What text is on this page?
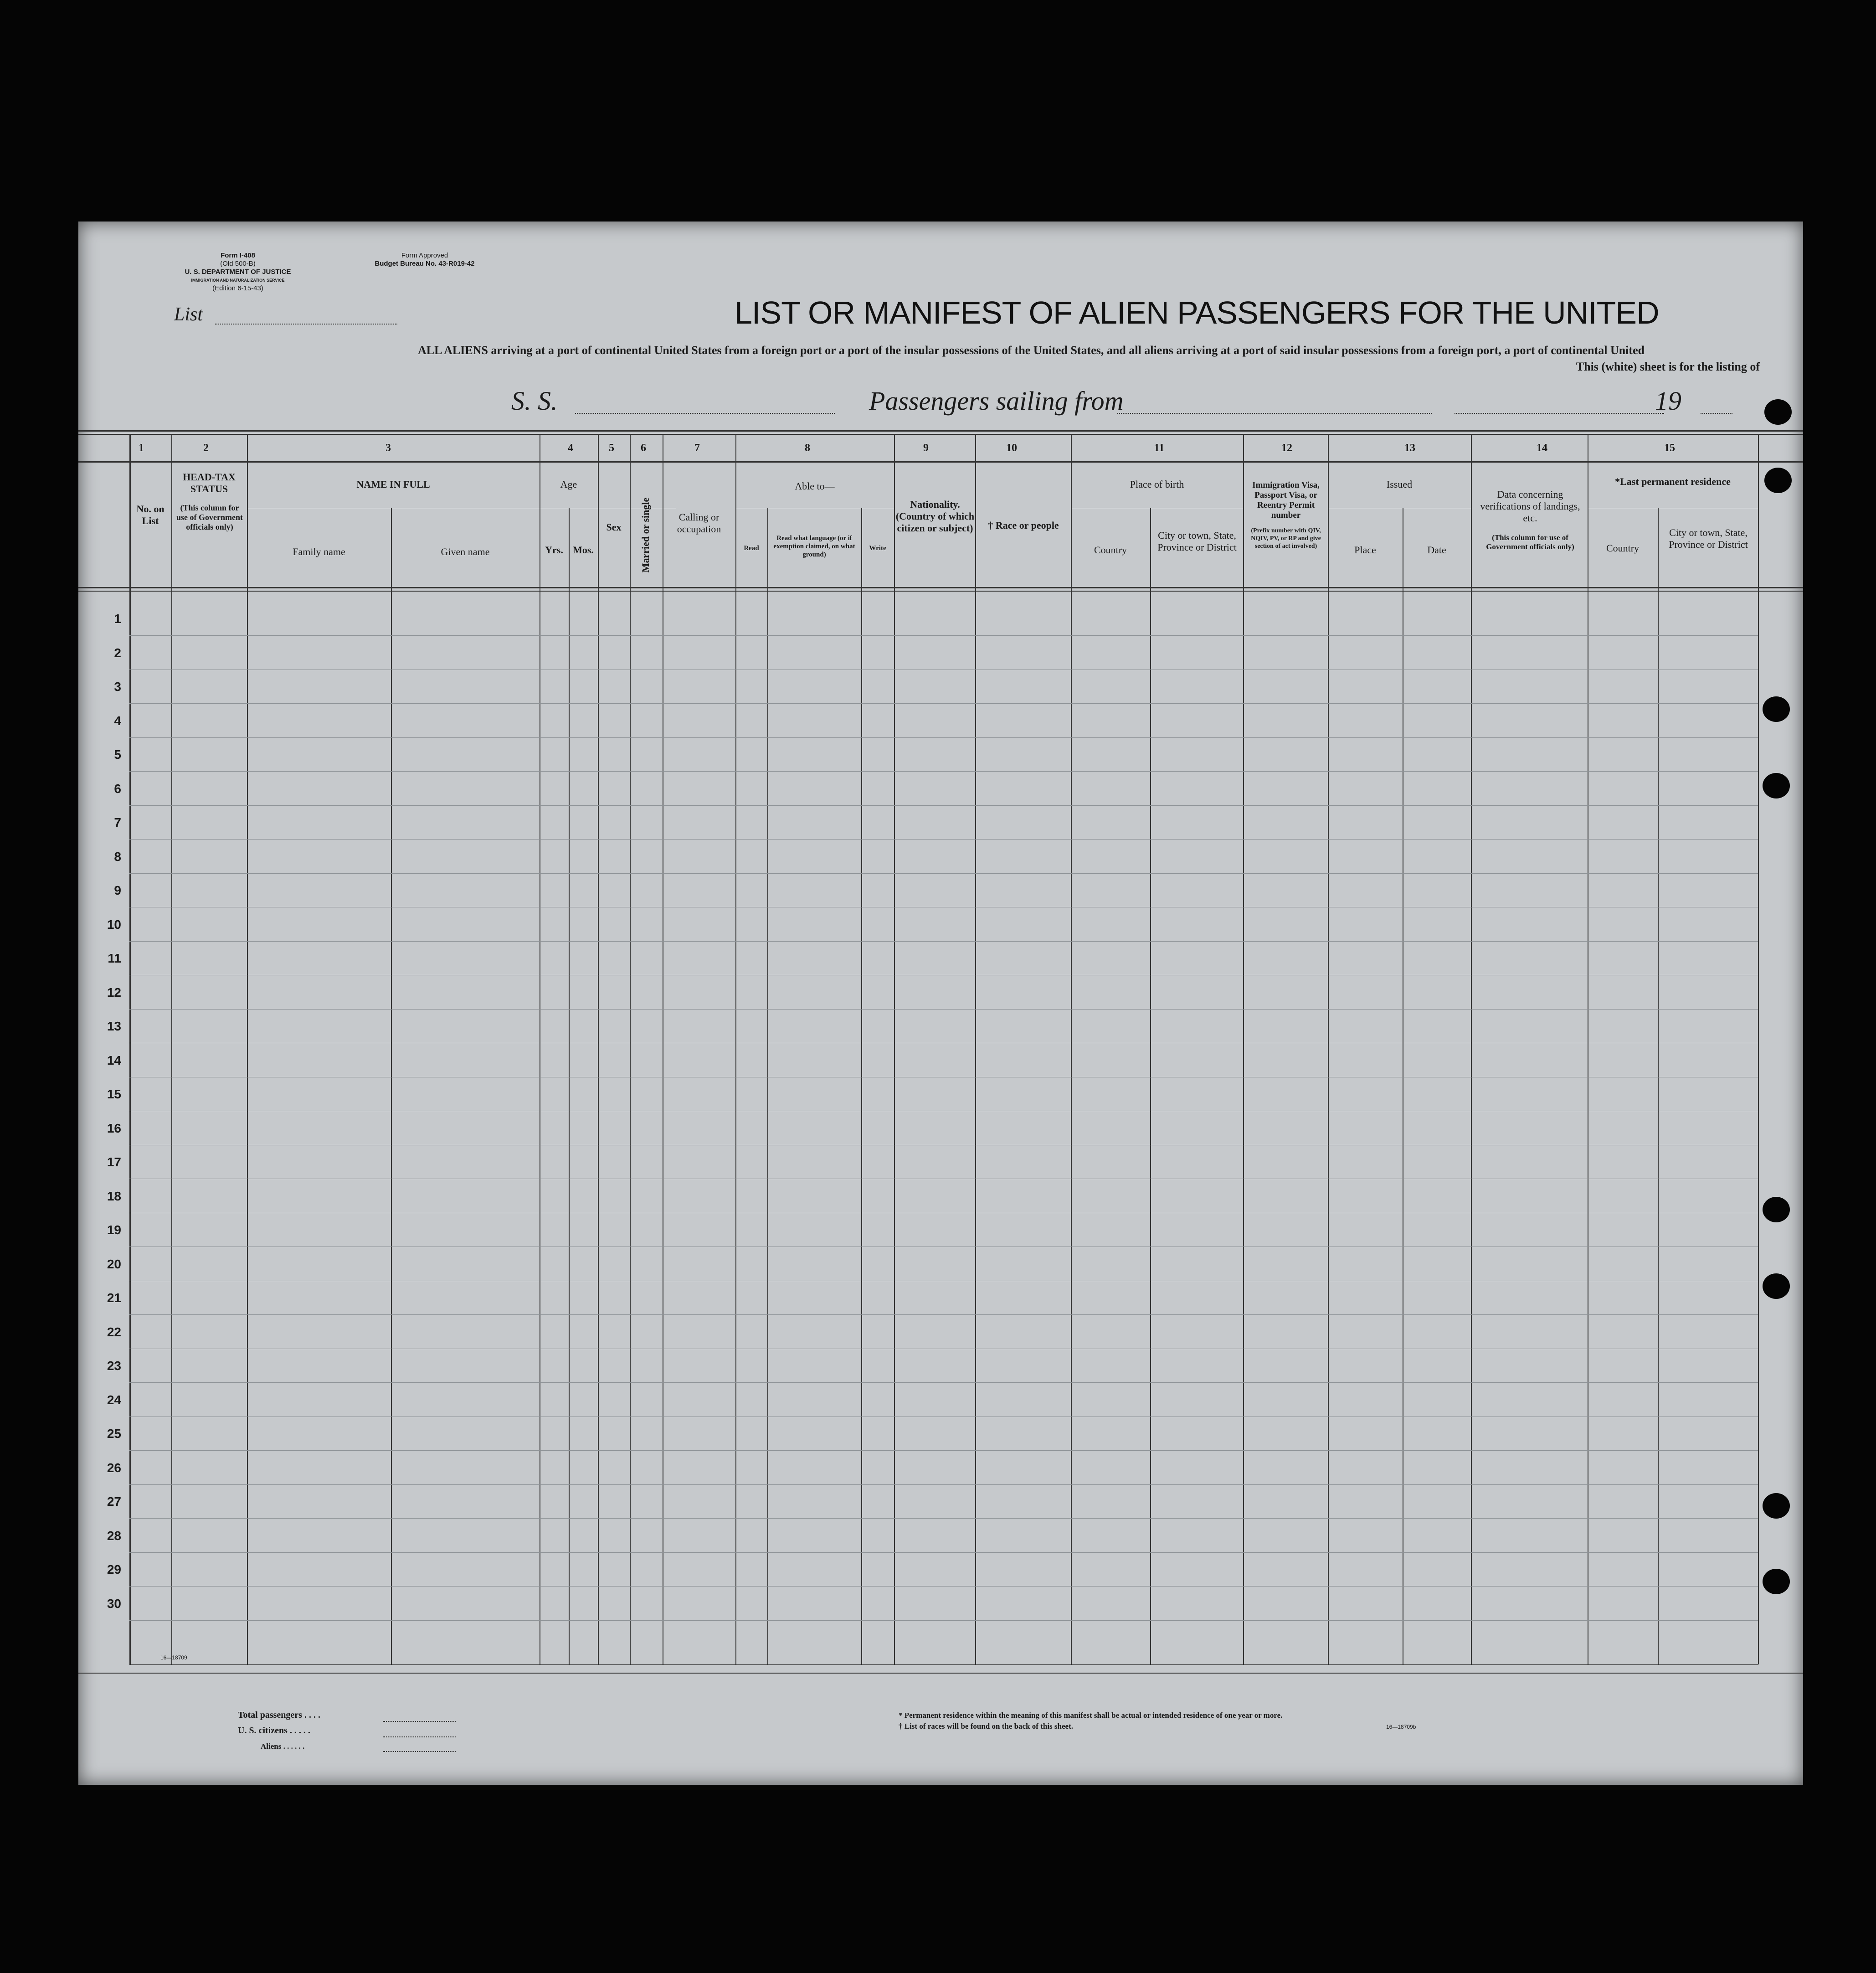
Form I-408
(Old 500-B)
U. S. DEPARTMENT OF JUSTICE
IMMIGRATION AND NATURALIZATION SERVICE
(Edition 6-15-43)
Form Approved
Budget Bureau No. 43-R019-42
List	LIST OR MANIFEST OF ALIEN PASSENGERS FOR THE UNITED
ALL ALIENS arriving at a port of continental United States from a foreign port or a port of the insular possessions of the United States, and all aliens arriving at a port of said insular possessions from a foreign port, a port of continental United
This (white) sheet is for the listing of
S. S.	Passengers sailing from	19
1	2	3	4	5	6	7	8	9	10	11	12	13	14	15
No. on List
HEAD-TAX STATUS
(This column for use of Government officials only)
NAME IN FULL
Family name	Given name
Age
Yrs. Mos.
Sex	Married or single	Calling or occupation
Able to—
Read
Read what language (or if exemption claimed, on what ground)
Write
Nationality. (Country of which citizen or subject)	† Race or people
Place of birth
Country
City or town, State, Province or District
Immigration Visa, Passport Visa, or Reentry Permit number
(Prefix number with QIV, NQIV, PV, or RP and give section of act involved)
Issued
Place	Date
Data concerning verifications of landings, etc.
(This column for use of Government officials only)
*Last permanent residence
Country
City or town, State, Province or District
1
2
3
4
5
6
7
8
9
10
11
12
13
14
15
16
17
18
19
20
21
22
23
24
25
26
27
28
29
30
16—18709
Total passengers . . . .
U. S. citizens . . . . .
Aliens . . . . . .
* Permanent residence within the meaning of this manifest shall be actual or intended residence of one year or more.
† List of races will be found on the back of this sheet.	16—18709b
